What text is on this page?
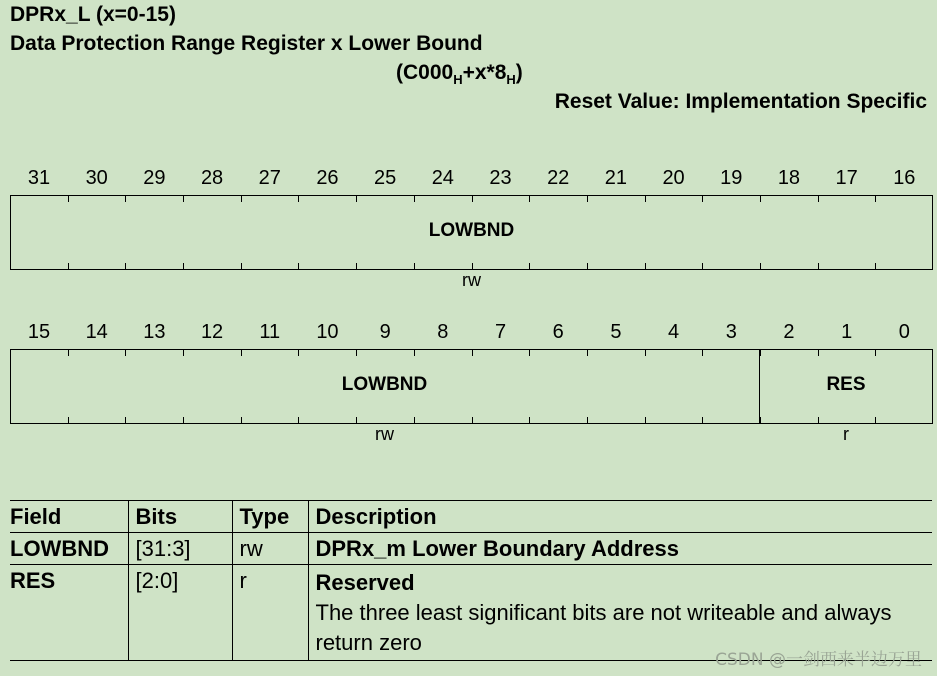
DPRx_L (x=0-15)
Data Protection Range Register x Lower Bound
$(C000_H+x*8_H)$
Reset Value: Implementation Specific
31	30	29	28	27	26	25	24	23	22	21	20	19	18	17	16
LOWBND
rw
15	14	13	12	11	10	9	8	7	6	5	4	3	2	1	0
LOWBND
rw
RES
r
Field	Bits	Type	Description
LOWBND	[31:3]	rw	DPRx_m Lower Boundary Address

RES	[2:0]	r	Reserved
The three least significant bits are not writeable and always return zero
CSDN @一剑西来半边万里
